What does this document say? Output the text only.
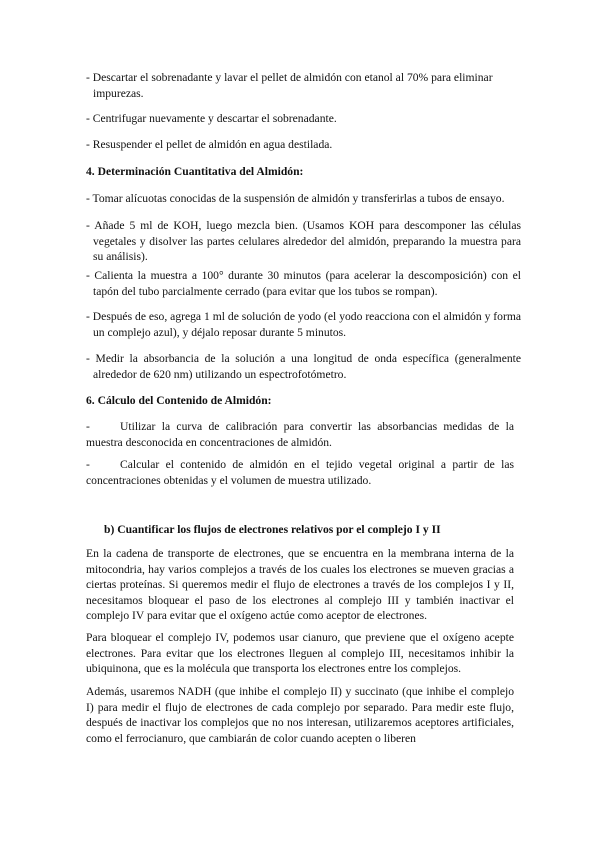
- Descartar el sobrenadante y lavar el pellet de almidón con etanol al 70% para eliminar impurezas.

- Centrifugar nuevamente y descartar el sobrenadante.

- Resuspender el pellet de almidón en agua destilada.

4. Determinación Cuantitativa del Almidón:

- Tomar alícuotas conocidas de la suspensión de almidón y transferirlas a tubos de ensayo.

- Añade 5 ml de KOH, luego mezcla bien. (Usamos KOH para descomponer las células vegetales y disolver las partes celulares alrededor del almidón, preparando la muestra para su análisis).

- Calienta la muestra a 100° durante 30 minutos (para acelerar la descomposición) con el tapón del tubo parcialmente cerrado (para evitar que los tubos se rompan).

- Después de eso, agrega 1 ml de solución de yodo (el yodo reacciona con el almidón y forma un complejo azul), y déjalo reposar durante 5 minutos.

- Medir la absorbancia de la solución a una longitud de onda específica (generalmente alrededor de 620 nm) utilizando un espectrofotómetro.

6. Cálculo del Contenido de Almidón:

-	Utilizar la curva de calibración para convertir las absorbancias medidas de la muestra desconocida en concentraciones de almidón.

-	Calcular el contenido de almidón en el tejido vegetal original a partir de las concentraciones obtenidas y el volumen de muestra utilizado.

b) Cuantificar los flujos de electrones relativos por el complejo I y II

En la cadena de transporte de electrones, que se encuentra en la membrana interna de la mitocondria, hay varios complejos a través de los cuales los electrones se mueven gracias a ciertas proteínas. Si queremos medir el flujo de electrones a través de los complejos I y II, necesitamos bloquear el paso de los electrones al complejo III y también inactivar el complejo IV para evitar que el oxígeno actúe como aceptor de electrones.

Para bloquear el complejo IV, podemos usar cianuro, que previene que el oxígeno acepte electrones. Para evitar que los electrones lleguen al complejo III, necesitamos inhibir la ubiquinona, que es la molécula que transporta los electrones entre los complejos.

Además, usaremos NADH (que inhibe el complejo II) y succinato (que inhibe el complejo I) para medir el flujo de electrones de cada complejo por separado. Para medir este flujo, después de inactivar los complejos que no nos interesan, utilizaremos aceptores artificiales, como el ferrocianuro, que cambiarán de color cuando acepten o liberen
